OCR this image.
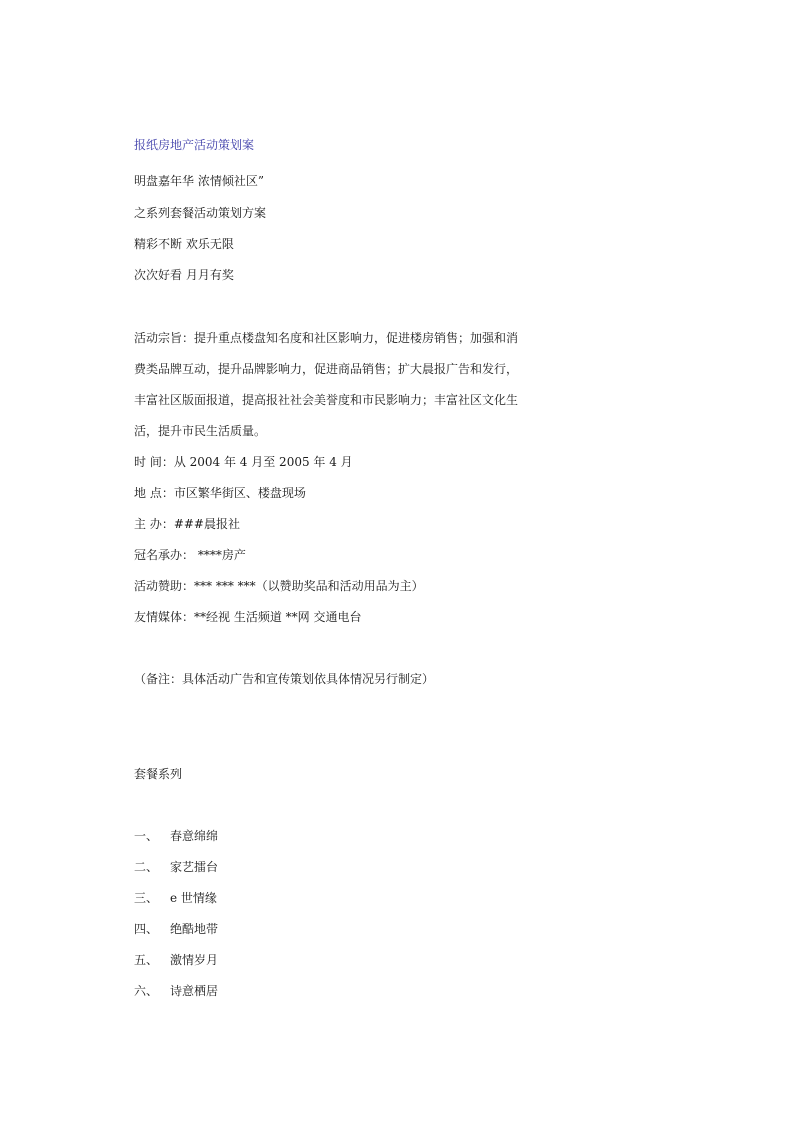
报纸房地产活动策划案
明盘嘉年华 浓情倾社区”
之系列套餐活动策划方案
精彩不断 欢乐无限
次次好看 月月有奖
活动宗旨：提升重点楼盘知名度和社区影响力，促进楼房销售；加强和消
费类品牌互动，提升品牌影响力，促进商品销售；扩大晨报广告和发行，
丰富社区版面报道，提高报社社会美誉度和市民影响力；丰富社区文化生
活，提升市民生活质量。
时 间：从 2004 年 4 月至 2005 年 4 月
地 点：市区繁华街区、楼盘现场
主 办：###晨报社
冠名承办： ****房产
活动赞助：*** *** ***（以赞助奖品和活动用品为主）
友情媒体：**经视 生活频道 **网 交通电台
（备注：具体活动广告和宣传策划依具体情况另行制定）
套餐系列
一、 春意绵绵
二、 家艺擂台
三、 e 世情缘
四、 绝酷地带
五、 激情岁月
六、 诗意栖居
